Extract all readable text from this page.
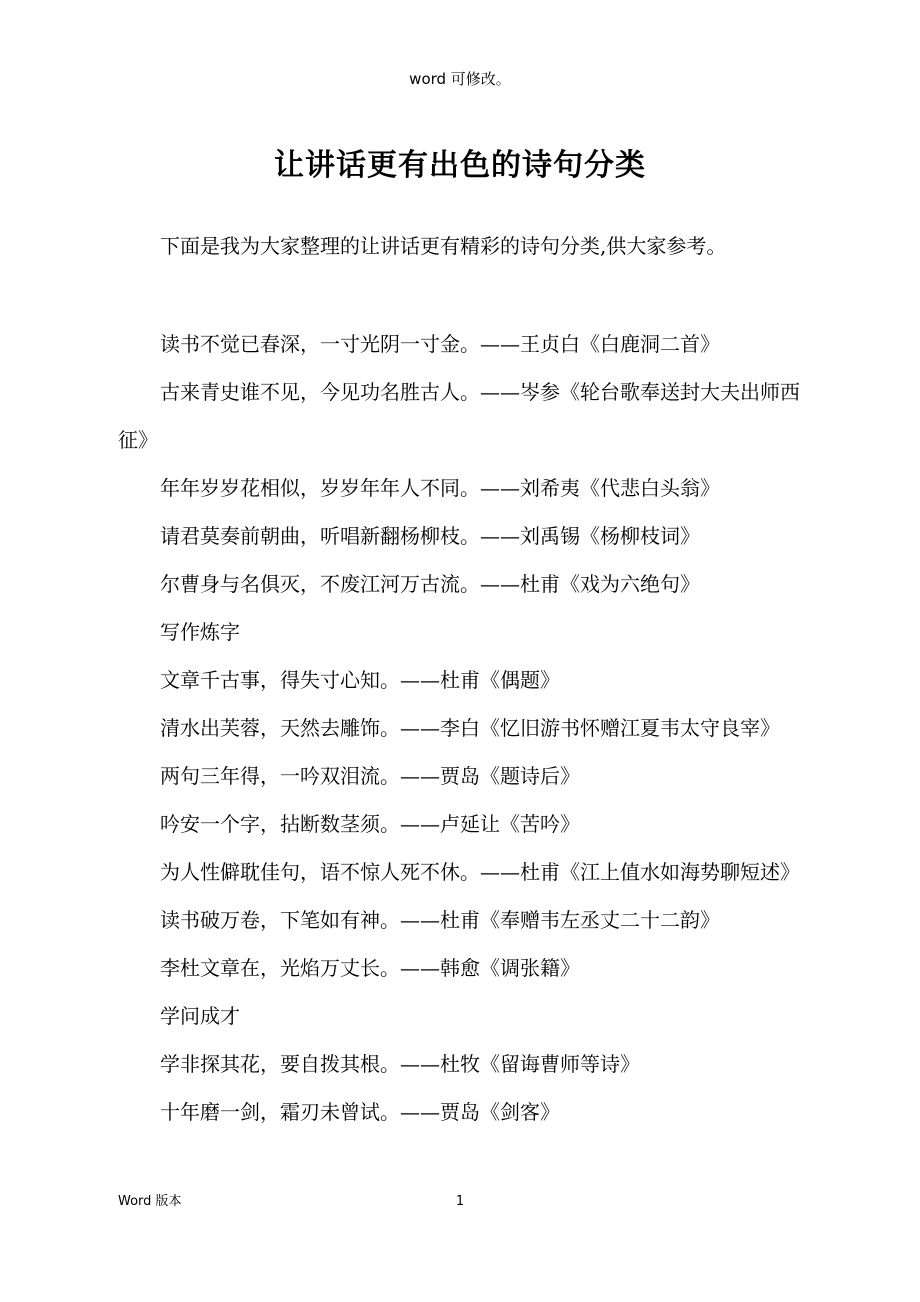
word 可修改。
让讲话更有出色的诗句分类
下面是我为大家整理的让讲话更有精彩的诗句分类,供大家参考。

读书不觉已春深，一寸光阴一寸金。——王贞白《白鹿洞二首》

古来青史谁不见，今见功名胜古人。——岑参《轮台歌奉送封大夫出师西征》

年年岁岁花相似，岁岁年年人不同。——刘希夷《代悲白头翁》

请君莫奏前朝曲，听唱新翻杨柳枝。——刘禹锡《杨柳枝词》

尔曹身与名俱灭，不废江河万古流。——杜甫《戏为六绝句》

写作炼字

文章千古事，得失寸心知。——杜甫《偶题》

清水出芙蓉，天然去雕饰。——李白《忆旧游书怀赠江夏韦太守良宰》

两句三年得，一吟双泪流。——贾岛《题诗后》

吟安一个字，拈断数茎须。——卢延让《苦吟》

为人性僻耽佳句，语不惊人死不休。——杜甫《江上值水如海势聊短述》

读书破万卷，下笔如有神。——杜甫《奉赠韦左丞丈二十二韵》

李杜文章在，光焰万丈长。——韩愈《调张籍》

学问成才

学非探其花，要自拨其根。——杜牧《留诲曹师等诗》

十年磨一剑，霜刃未曾试。——贾岛《剑客》

Word 版本	1
